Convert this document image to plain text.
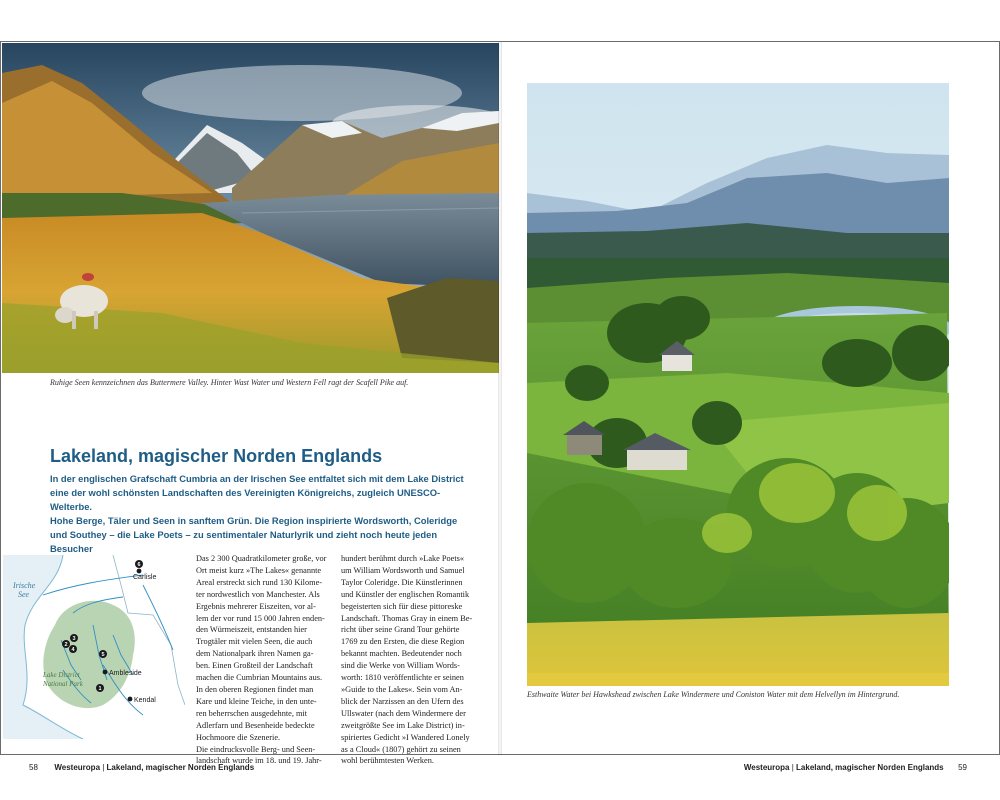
Ruhige Seen kennzeichnen das Buttermere Valley. Hinter Wast Water und Western Fell ragt der Scafell Pike auf.
Lakeland, magischer Norden Englands
In der englischen Grafschaft Cumbria an der Irischen See entfaltet sich mit dem Lake District
eine der wohl schönsten Landschaften des Vereinigten Königreichs, zugleich UNESCO-Welterbe.
Hohe Berge, Täler und Seen in sanftem Grün. Die Region inspirierte Wordsworth, Coleridge
und Southey – die Lake Poets – zu sentimentaler Naturlyrik und zieht noch heute jeden Besucher
Irische
See
Lake District
National Park
Carlisle
Ambleside
Kendal
1
2
3
4
5
6
Das 2 300 Quadratkilometer große, vor
Ort meist kurz »The Lakes« genannte
Areal erstreckt sich rund 130 Kilome-
ter nordwestlich von Manchester. Als
Ergebnis mehrerer Eiszeiten, vor al-
lem der vor rund 15 000 Jahren enden-
den Würmeiszeit, entstanden hier
Trogtäler mit vielen Seen, die auch
dem Nationalpark ihren Namen ga-
ben. Einen Großteil der Landschaft
machen die Cumbrian Mountains aus.
In den oberen Regionen findet man
Kare und kleine Teiche, in den unte-
ren beherrschen ausgedehnte, mit
Adlerfarn und Besenheide bedeckte
Hochmoore die Szenerie.
Die eindrucksvolle Berg- und Seen-
landschaft wurde im 18. und 19. Jahr-
hundert berühmt durch »Lake Poets«
um William Wordsworth und Samuel
Taylor Coleridge. Die Künstlerinnen
und Künstler der englischen Romantik
begeisterten sich für diese pittoreske
Landschaft. Thomas Gray in einem Be-
richt über seine Grand Tour gehörte
1769 zu den Ersten, die diese Region
bekannt machten. Bedeutender noch
sind die Werke von William Words-
worth: 1810 veröffentlichte er seinen
»Guide to the Lakes«. Sein vom An-
blick der Narzissen an den Ufern des
Ullswater (nach dem Windermere der
zweitgrößte See im Lake District) in-
spiriertes Gedicht »I Wandered Lonely
as a Cloud« (1807) gehört zu seinen
wohl berühmtesten Werken.
58 Westeuropa | Lakeland, magischer Norden Englands	Westeuropa | Lakeland, magischer Norden Englands 59
Esthwaite Water bei Hawkshead zwischen Lake Windermere und Coniston Water mit dem Helvellyn im Hintergrund.
